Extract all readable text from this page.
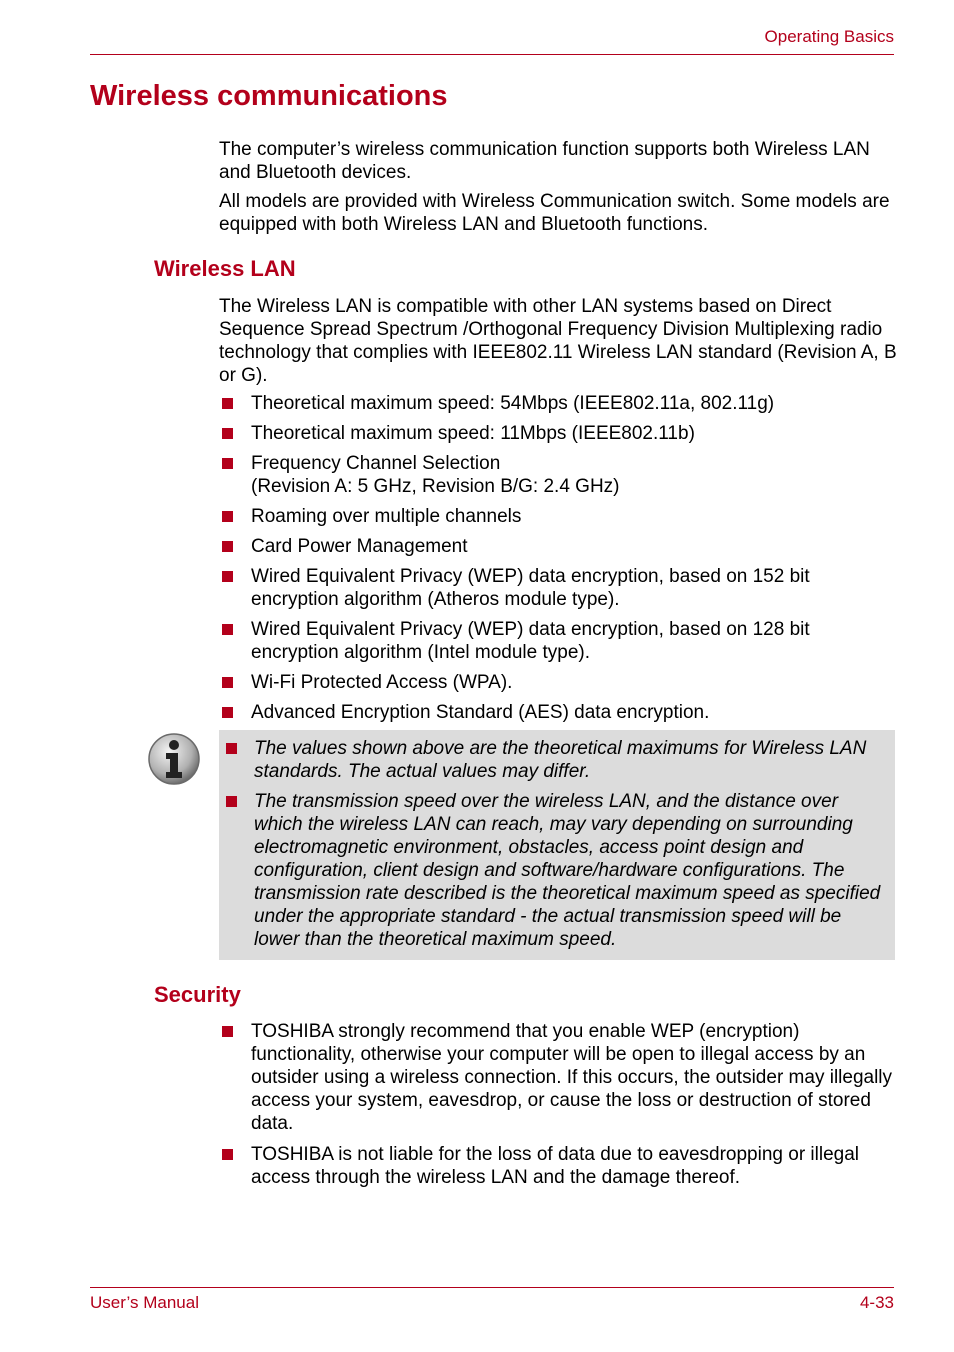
Operating Basics
Wireless communications

The computer’s wireless communication function supports both Wireless LAN and Bluetooth devices.

All models are provided with Wireless Communication switch. Some models are equipped with both Wireless LAN and Bluetooth functions.

Wireless LAN

The Wireless LAN is compatible with other LAN systems based on Direct Sequence Spread Spectrum /Orthogonal Frequency Division Multiplexing radio technology that complies with IEEE802.11 Wireless LAN standard (Revision A, B or G).

Theoretical maximum speed: 54Mbps (IEEE802.11a, 802.11g)
Theoretical maximum speed: 11Mbps (IEEE802.11b)
Frequency Channel Selection
(Revision A: 5 GHz, Revision B/G: 2.4 GHz)
Roaming over multiple channels
Card Power Management
Wired Equivalent Privacy (WEP) data encryption, based on 152 bit encryption algorithm (Atheros module type).
Wired Equivalent Privacy (WEP) data encryption, based on 128 bit encryption algorithm (Intel module type).
Wi-Fi Protected Access (WPA).
Advanced Encryption Standard (AES) data encryption.
The values shown above are the theoretical maximums for Wireless LAN standards. The actual values may differ.
The transmission speed over the wireless LAN, and the distance over which the wireless LAN can reach, may vary depending on surrounding electromagnetic environment, obstacles, access point design and configuration, client design and software/hardware configurations. The transmission rate described is the theoretical maximum speed as specified under the appropriate standard - the actual transmission speed will be lower than the theoretical maximum speed.
Security
TOSHIBA strongly recommend that you enable WEP (encryption) functionality, otherwise your computer will be open to illegal access by an outsider using a wireless connection. If this occurs, the outsider may illegally access your system, eavesdrop, or cause the loss or destruction of stored data.
TOSHIBA is not liable for the loss of data due to eavesdropping or illegal access through the wireless LAN and the damage thereof.
User’s Manual	4-33
